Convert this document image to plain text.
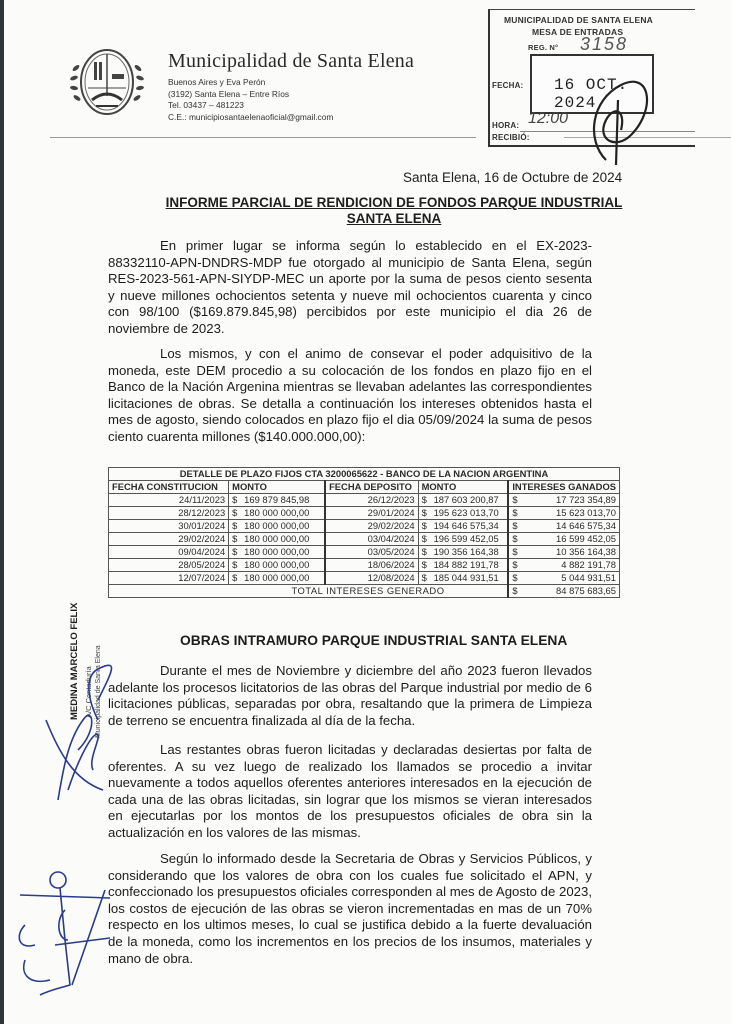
Municipalidad de Santa Elena
Buenos Aires y Eva Perón
(3192) Santa Elena – Entre Ríos
Tel. 03437 – 481223
C.E.: municipiosantaelenaoficial@gmail.com
MUNICIPALIDAD DE SANTA ELENA
MESA DE ENTRADAS
REG. N° 3158
FECHA: 16 OCT. 2024
HORA: 12:00
RECIBIÓ:
Santa Elena, 16 de Octubre de 2024
INFORME PARCIAL DE RENDICION DE FONDOS PARQUE INDUSTRIAL
SANTA ELENA
En primer lugar se informa según lo establecido en el EX-2023-88332110-APN-DNDRS-MDP fue otorgado al municipio de Santa Elena, según RES-2023-561-APN-SIYDP-MEC un aporte por la suma de pesos ciento sesenta y nueve millones ochocientos setenta y nueve mil ochocientos cuarenta y cinco con 98/100 ($169.879.845,98) percibidos por este municipio el dia 26 de noviembre de 2023.
Los mismos, y con el animo de consevar el poder adquisitivo de la moneda, este DEM procedio a su colocación de los fondos en plazo fijo en el Banco de la Nación Argenina mientras se llevaban adelantes las correspondientes licitaciones de obras. Se detalla a continuación los intereses obtenidos hasta el mes de agosto, siendo colocados en plazo fijo el dia 05/09/2024 la suma de pesos ciento cuarenta millones ($140.000.000,00):
DETALLE DE PLAZO FIJOS CTA 3200065622 - BANCO DE LA NACION ARGENTINA				
FECHA CONSTITUCION	MONTO	FECHA DEPOSITO	MONTO	INTERESES GANADOS
24/11/2023	$ 169 879 845,98	26/12/2023	$ 187 603 200,87	$ 17 723 354,89

28/12/2023	$ 180 000 000,00	29/01/2024	$ 195 623 013,70	$ 15 623 013,70

30/01/2024	$ 180 000 000,00	29/02/2024	$ 194 646 575,34	$ 14 646 575,34

29/02/2024	$ 180 000 000,00	03/04/2024	$ 196 599 452,05	$ 16 599 452,05

09/04/2024	$ 180 000 000,00	03/05/2024	$ 190 356 164,38	$ 10 356 164,38

28/05/2024	$ 180 000 000,00	18/06/2024	$ 184 882 191,78	$ 4 882 191,78

12/07/2024	$ 180 000 000,00	12/08/2024	$ 185 044 931,51	$ 5 044 931,51

	TOTAL INTERESES GENERADO			$ 84 875 683,65
OBRAS INTRAMURO PARQUE INDUSTRIAL SANTA ELENA
Durante el mes de Noviembre y diciembre del año 2023 fueron llevados adelante los procesos licitatorios de las obras del Parque industrial por medio de 6 licitaciones públicas, separadas por obra, resaltando que la primera de Limpieza de terreno se encuentra finalizada al día de la fecha.
Las restantes obras fueron licitadas y declaradas desiertas por falta de oferentes. A su vez luego de realizado los llamados se procedio a invitar nuevamente a todos aquellos oferentes anteriores interesados en la ejecución de cada una de las obras licitadas, sin lograr que los mismos se vieran interesados en ejecutarlas por los montos de los presupuestos oficiales de obra sin la actualización en los valores de las mismas.
Según lo informado desde la Secretaria de Obras y Servicios Públicos, y considerando que los valores de obra con los cuales fue solicitado el APN, y confeccionado los presupuestos oficiales corresponden al mes de Agosto de 2023, los costos de ejecución de las obras se vieron incrementadas en mas de un 70% respecto en los ultimos meses, lo cual se justifica debido a la fuerte devaluación de la moneda, como los incrementos en los precios de los insumos, materiales y mano de obra.
MEDINA MARCELO FELIX A/C Contaduría Municipalidad de Santa Elena
